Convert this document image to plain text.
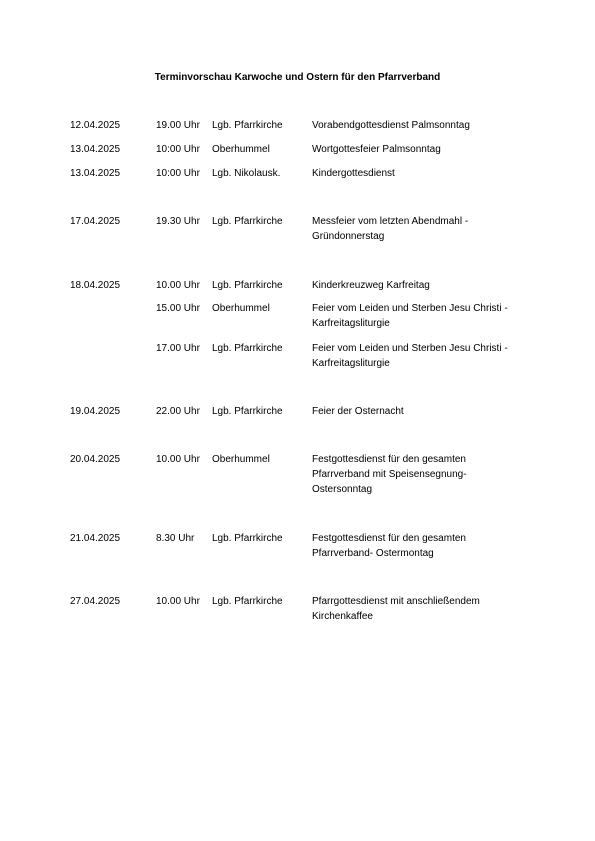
Terminvorschau Karwoche und Ostern für den Pfarrverband
12.04.2025	19.00 Uhr Lgb. Pfarrkirche	Vorabendgottesdienst Palmsonntag
13.04.2025	10:00 Uhr Oberhummel	Wortgottesfeier Palmsonntag
13.04.2025	10:00 Uhr Lgb. Nikolausk.	Kindergottesdienst
17.04.2025	19.30 Uhr Lgb. Pfarrkirche	Messfeier vom letzten Abendmahl -
Gründonnerstag
18.04.2025	10.00 Uhr Lgb. Pfarrkirche	Kinderkreuzweg Karfreitag
15.00 Uhr Oberhummel	Feier vom Leiden und Sterben Jesu Christi -
Karfreitagsliturgie
17.00 Uhr Lgb. Pfarrkirche	Feier vom Leiden und Sterben Jesu Christi -
Karfreitagsliturgie
19.04.2025	22.00 Uhr Lgb. Pfarrkirche	Feier der Osternacht
20.04.2025	10.00 Uhr Oberhummel	Festgottesdienst für den gesamten
Pfarrverband mit Speisensegnung-
Ostersonntag
21.04.2025	8.30 Uhr Lgb. Pfarrkirche	Festgottesdienst für den gesamten
Pfarrverband- Ostermontag
27.04.2025	10.00 Uhr Lgb. Pfarrkirche	Pfarrgottesdienst mit anschließendem
Kirchenkaffee
